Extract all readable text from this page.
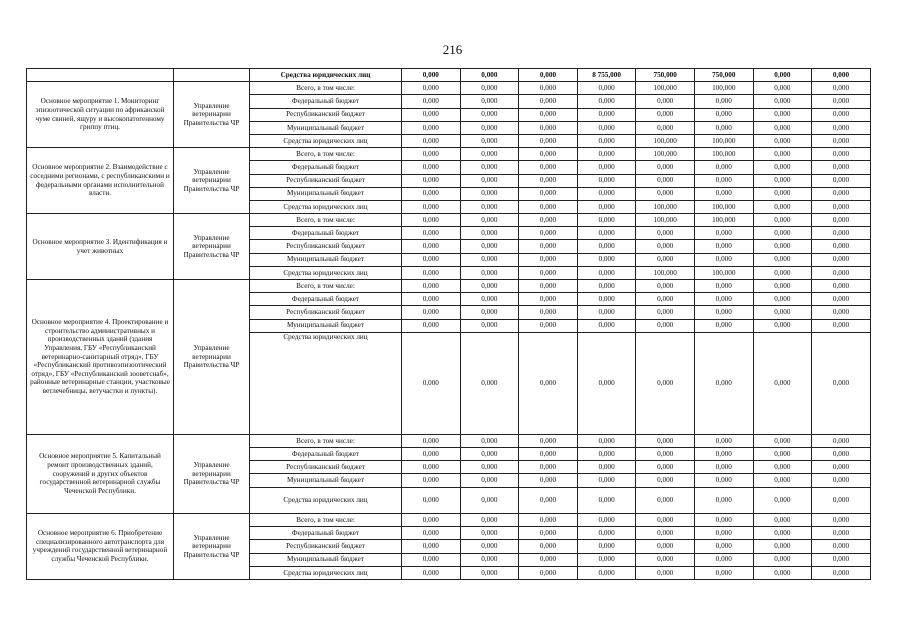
216
		Средства юридических лиц	0,000	0,000	0,000	8 755,000	750,000	750,000	0,000	0,000
Основное мероприятие 1. Мониторинг эпизоотической ситуации по африканской чуме свиней, ящуру и высокопатогенному гриппу птиц.	Управление ветеринарии Правительства ЧР	Всего, в том числе:	0,000	0,000	0,000	0,000	100,000	100,000	0,000	0,000
		Федеральный бюджет	0,000	0,000	0,000	0,000	0,000	0,000	0,000	0,000
		Республиканский бюджет	0,000	0,000	0,000	0,000	0,000	0,000	0,000	0,000
		Муниципальный бюджет	0,000	0,000	0,000	0,000	0,000	0,000	0,000	0,000
		Средства юридических лиц	0,000	0,000	0,000	0,000	100,000	100,000	0,000	0,000
Основное мероприятие 2. Взаимодействие с соседними регионами, с республиканскими и федеральными органами исполнительной власти.	Управление ветеринарии Правительства ЧР	Всего, в том числе:	0,000	0,000	0,000	0,000	100,000	100,000	0,000	0,000
		Федеральный бюджет	0,000	0,000	0,000	0,000	0,000	0,000	0,000	0,000
		Республиканский бюджет	0,000	0,000	0,000	0,000	0,000	0,000	0,000	0,000
		Муниципальный бюджет	0,000	0,000	0,000	0,000	0,000	0,000	0,000	0,000
		Средства юридических лиц	0,000	0,000	0,000	0,000	100,000	100,000	0,000	0,000
Основное мероприятие 3. Идентификация и учет животных	Управление ветеринарии Правительства ЧР	Всего, в том числе:	0,000	0,000	0,000	0,000	100,000	100,000	0,000	0,000
		Федеральный бюджет	0,000	0,000	0,000	0,000	0,000	0,000	0,000	0,000
		Республиканский бюджет	0,000	0,000	0,000	0,000	0,000	0,000	0,000	0,000
		Муниципальный бюджет	0,000	0,000	0,000	0,000	0,000	0,000	0,000	0,000
		Средства юридических лиц	0,000	0,000	0,000	0,000	100,000	100,000	0,000	0,000
Основное мероприятие 4. Проектирование и строительство административных и производственных зданий (здания Управления, ГБУ «Республиканский ветеринарно-санитарный отряд», ГБУ «Республиканский противоэпизоотический отряд», ГБУ «Республиканский зооветснаб», районные ветеринарные станции, участковые ветлечебницы, ветучастки и пункты).	Управление ветеринарии Правительства ЧР	Всего, в том числе:	0,000	0,000	0,000	0,000	0,000	0,000	0,000	0,000
		Федеральный бюджет	0,000	0,000	0,000	0,000	0,000	0,000	0,000	0,000
		Республиканский бюджет	0,000	0,000	0,000	0,000	0,000	0,000	0,000	0,000
		Муниципальный бюджет	0,000	0,000	0,000	0,000	0,000	0,000	0,000	0,000
		Средства юридических лиц	0,000	0,000	0,000	0,000	0,000	0,000	0,000	0,000
Основное мероприятие 5. Капитальный ремонт производственных зданий, сооружений и других объектов государственной ветеринарной службы Чеченской Республики.	Управление ветеринарии Правительства ЧР	Всего, в том числе:	0,000	0,000	0,000	0,000	0,000	0,000	0,000	0,000
		Федеральный бюджет	0,000	0,000	0,000	0,000	0,000	0,000	0,000	0,000
		Республиканский бюджет	0,000	0,000	0,000	0,000	0,000	0,000	0,000	0,000
		Муниципальный бюджет	0,000	0,000	0,000	0,000	0,000	0,000	0,000	0,000
		Средства юридических лиц	0,000	0,000	0,000	0,000	0,000	0,000	0,000	0,000
Основное мероприятие 6. Приобретение специализированного автотранспорта для учреждений государственной ветеринарной службы Чеченской Республики.	Управление ветеринарии Правительства ЧР	Всего, в том числе:	0,000	0,000	0,000	0,000	0,000	0,000	0,000	0,000
		Федеральный бюджет	0,000	0,000	0,000	0,000	0,000	0,000	0,000	0,000
		Республиканский бюджет	0,000	0,000	0,000	0,000	0,000	0,000	0,000	0,000
		Муниципальный бюджет	0,000	0,000	0,000	0,000	0,000	0,000	0,000	0,000
		Средства юридических лиц	0,000	0,000	0,000	0,000	0,000	0,000	0,000	0,000
